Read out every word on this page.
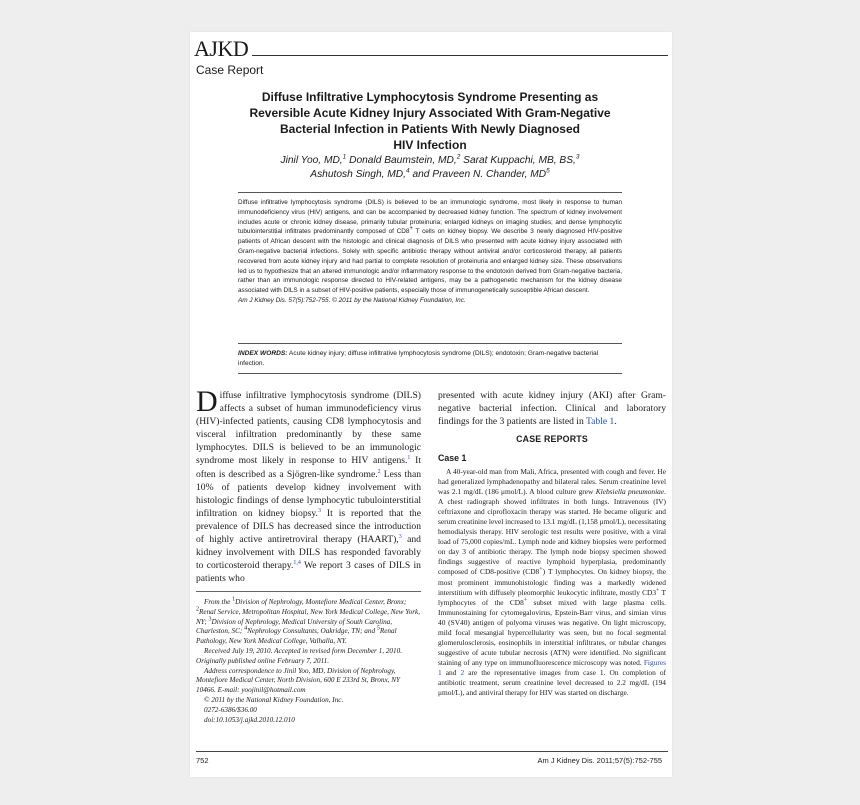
AJKD
Case Report
Diffuse Infiltrative Lymphocytosis Syndrome Presenting as
Reversible Acute Kidney Injury Associated With Gram-Negative
Bacterial Infection in Patients With Newly Diagnosed
HIV Infection
Jinil Yoo, MD,$^1$ Donald Baumstein, MD,$^2$ Sarat Kuppachi, MB, BS,$^3$
Ashutosh Singh, MD,$^4$ and Praveen N. Chander, $MD^5$
Diffuse infiltrative lymphocytosis syndrome (DILS) is believed to be an immunologic syndrome, most likely in response to human immunodeficiency virus (HIV) antigens, and can be accompanied by decreased kidney function. The spectrum of kidney involvement includes acute or chronic kidney disease, primarily tubular proteinuria; enlarged kidneys on imaging studies; and dense lymphocytic tubulointerstitial infiltrates predominantly composed of CD8+ T cells on kidney biopsy. We describe 3 newly diagnosed HIV-positive patients of African descent with the histologic and clinical diagnosis of DILS who presented with acute kidney injury associated with Gram-negative bacterial infections. Solely with specific antibiotic therapy without antiviral and/or corticosteroid therapy, all patients recovered from acute kidney injury and had partial to complete resolution of proteinuria and enlarged kidney size. These observations led us to hypothesize that an altered immunologic and/or inflammatory response to the endotoxin derived from Gram-negative bacteria, rather than an immunologic response directed to HIV-related antigens, may be a pathogenetic mechanism for the kidney disease associated with DILS in a subset of HIV-positive patients, especially those of immunogenetically susceptible African descent.
Am J Kidney Dis. 57(5):752-755. © 2011 by the National Kidney Foundation, Inc.
INDEX WORDS: Acute kidney injury; diffuse infiltrative lymphocytosis syndrome (DILS); endotoxin; Gram-negative bacterial infection.
Diffuse infiltrative lymphocytosis syndrome (DILS) affects a subset of human immunodeficiency virus (HIV)-infected patients, causing CD8 lymphocytosis and visceral infiltration predominantly by these same lymphocytes. DILS is believed to be an immunologic syndrome most likely in response to HIV antigens.$^1$ It often is described as a Sjögren-like syndrome.$^2$ Less than 10% of patients develop kidney involvement with histologic findings of dense lymphocytic tubulointerstitial infiltration on kidney biopsy.$^3$ It is reported that the prevalence of DILS has decreased since the introduction of highly active antiretroviral therapy (HAART),$^3$ and kidney involvement with DILS has responded favorably to corticosteroid therapy.$^{1,4}$ We report 3 cases of DILS in patients who
presented with acute kidney injury (AKI) after Gram-negative bacterial infection. Clinical and laboratory findings for the 3 patients are listed in Table 1.
CASE REPORTS
Case 1

A 40-year-old man from Mali, Africa, presented with cough and fever. He had generalized lymphadenopathy and bilateral rales. Serum creatinine level was 2.1 mg/dL (186 μmol/L). A blood culture grew Klebsiella pneumoniae. A chest radiograph showed infiltrates in both lungs. Intravenous (IV) ceftriaxone and ciprofloxacin therapy was started. He became oliguric and serum creatinine level increased to 13.1 mg/dL (1,158 μmol/L), necessitating hemodialysis therapy. HIV serologic test results were positive, with a viral load of 75,000 copies/mL. Lymph node and kidney biopsies were performed on day 3 of antibiotic therapy. The lymph node biopsy specimen showed findings suggestive of reactive lymphoid hyperplasia, predominantly composed of CD8-positive (CD8+) T lymphocytes. On kidney biopsy, the most prominent immunohistologic finding was a markedly widened interstitium with diffusely pleomorphic leukocytic infiltrate, mostly CD3+ T lymphocytes of the CD8+ subset mixed with large plasma cells. Immunostaining for cytomegalovirus, Epstein-Barr virus, and simian virus 40 (SV40) antigen of polyoma viruses was negative. On light microscopy, mild focal mesangial hypercellularity was seen, but no focal segmental glomerulosclerosis, eosinophils in interstitial infiltrates, or tubular changes suggestive of acute tubular necrosis (ATN) were identified. No significant staining of any type on immunofluorescence microscopy was noted. Figures 1 and 2 are the representative images from case 1. On completion of antibiotic treatment, serum creatinine level decreased to 2.2 mg/dL (194 μmol/L), and antiviral therapy for HIV was started on discharge.

From the $^1$Division of Nephrology, Montefiore Medical Center, Bronx; $^2$Renal Service, Metropolitan Hospital, New York Medical College, New York, NY; $^3$Division of Nephrology, Medical University of South Carolina, Charleston, SC; $^4$Nephrology Consultants, Oakridge, TN; and $^5$Renal Pathology, New York Medical College, Valhalla, NY.

Received July 19, 2010. Accepted in revised form December 1, 2010. Originally published online February 7, 2011.

Address correspondence to Jinil Yoo, MD, Division of Nephrology, Montefiore Medical Center, North Division, 600 E 233rd St, Bronx, NY 10466. E-mail: yoojinil@hotmail.com

© 2011 by the National Kidney Foundation, Inc.

0272-6386/$36.00

doi:10.1053/j.ajkd.2010.12.010

752	Am J Kidney Dis. 2011;57(5):752-755
